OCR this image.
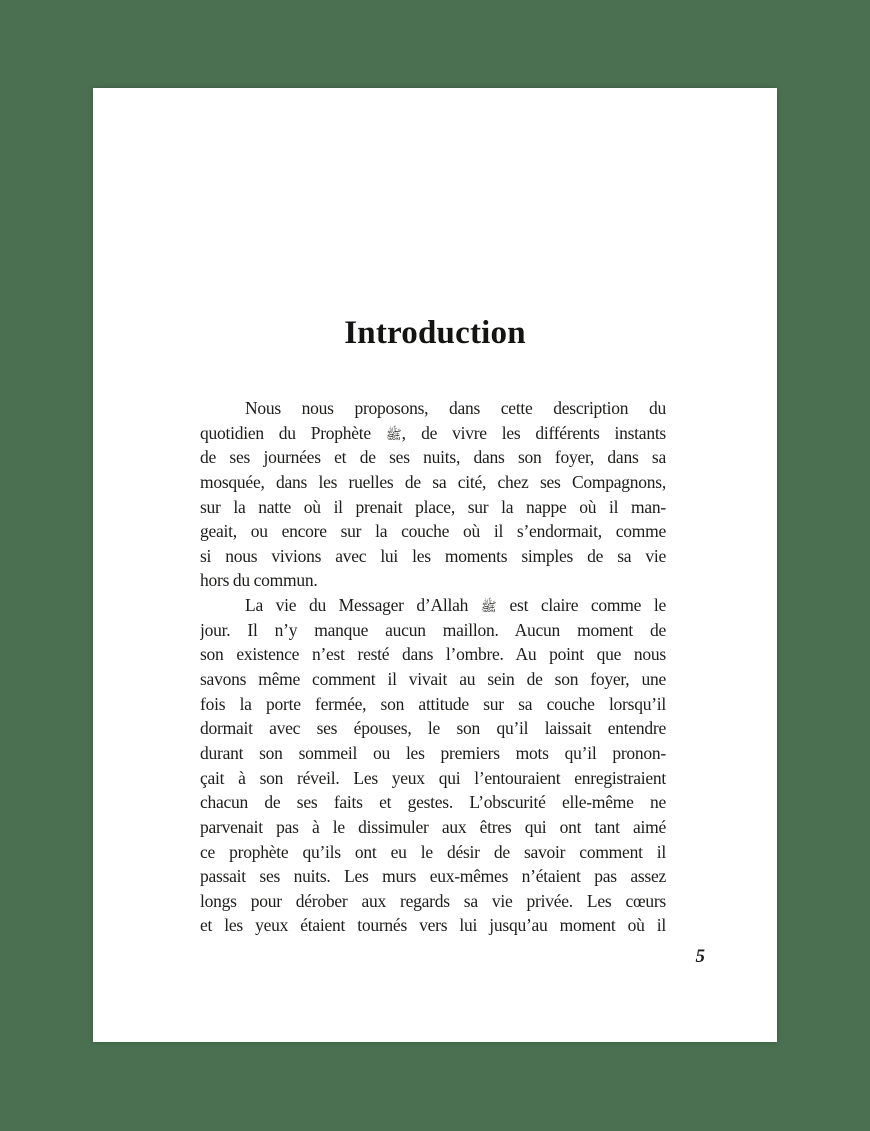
Introduction
Nous nous proposons, dans cette description du
quotidien du Prophète ﷺ, de vivre les différents instants
de ses journées et de ses nuits, dans son foyer, dans sa
mosquée, dans les ruelles de sa cité, chez ses Compagnons,
sur la natte où il prenait place, sur la nappe où il man-
geait, ou encore sur la couche où il s’endormait, comme
si nous vivions avec lui les moments simples de sa vie
hors du commun.
La vie du Messager d’Allah ﷺ est claire comme le
jour. Il n’y manque aucun maillon. Aucun moment de
son existence n’est resté dans l’ombre. Au point que nous
savons même comment il vivait au sein de son foyer, une
fois la porte fermée, son attitude sur sa couche lorsqu’il
dormait avec ses épouses, le son qu’il laissait entendre
durant son sommeil ou les premiers mots qu’il pronon-
çait à son réveil. Les yeux qui l’entouraient enregistraient
chacun de ses faits et gestes. L’obscurité elle-même ne
parvenait pas à le dissimuler aux êtres qui ont tant aimé
ce prophète qu’ils ont eu le désir de savoir comment il
passait ses nuits. Les murs eux-mêmes n’étaient pas assez
longs pour dérober aux regards sa vie privée. Les cœurs
et les yeux étaient tournés vers lui jusqu’au moment où il
5
